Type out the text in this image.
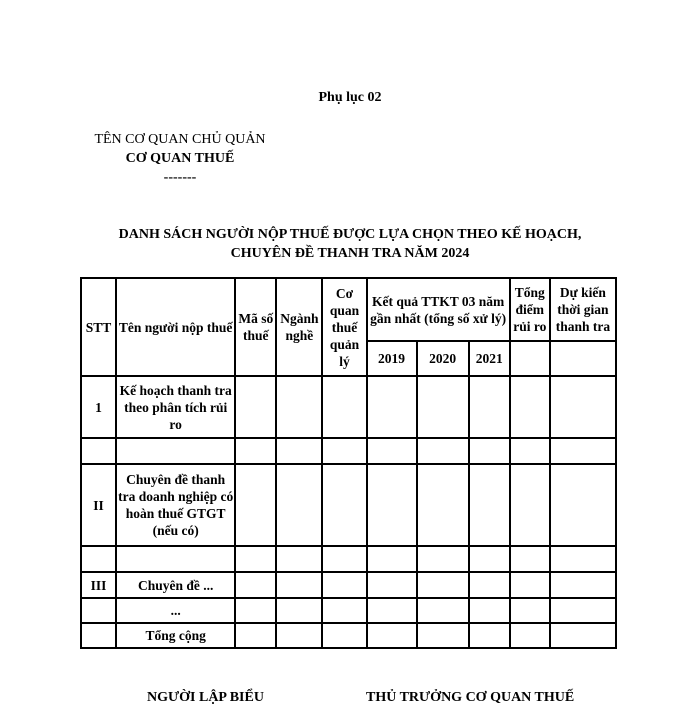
Phụ lục 02
TÊN CƠ QUAN CHỦ QUẢN
CƠ QUAN THUẾ
-------
DANH SÁCH NGƯỜI NỘP THUẾ ĐƯỢC LỰA CHỌN THEO KẾ HOẠCH,
CHUYÊN ĐỀ THANH TRA NĂM 2024
STT	Tên người nộp thuế	Mã số thuế	Ngành nghề	Cơ quan thuế quản lý	Kết quả TTKT 03 năm gần nhất (tổng số xử lý)			Tổng điểm rủi ro	Dự kiến thời gian thanh tra
					2019	2020	2021		
1	Kế hoạch thanh tra theo phân tích rủi ro								

II	Chuyên đề thanh tra doanh nghiệp có hoàn thuế GTGT (nếu có)								

III	Chuyên đề ...								
	...								
	Tổng cộng								
NGƯỜI LẬP BIỂU	THỦ TRƯỞNG CƠ QUAN THUẾ
